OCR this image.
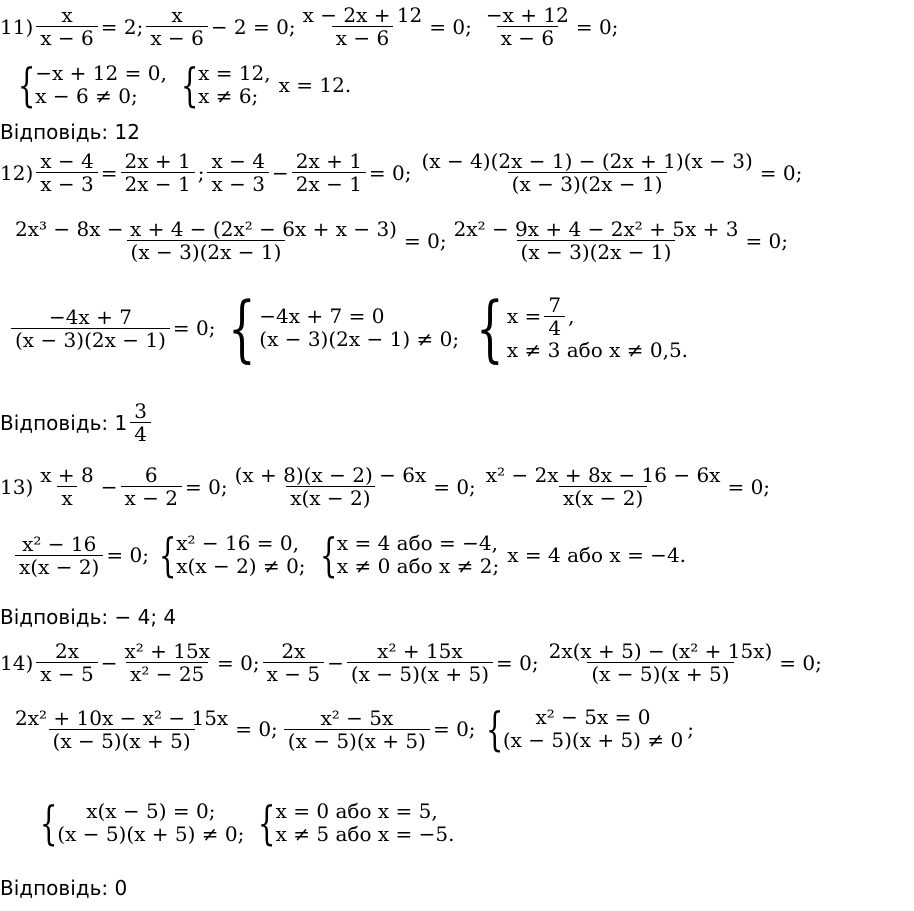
$11) \frac{x}{x - 6} = 2$; x
x − 6 − 2 = 0; $\frac{x - 2x + 12}{x - 6} = 0$; $\frac{-x + 12}{x - 6} = 0$;
{ −x + 12 = 0,
x − 6 ≠ 0; { x = 12,
x ≠ 6;	x = 12.
Відповідь: 12
$12) \frac{x - 4}{x - 3} = \frac{2x + 1}{2x - 1}$ ; x − 4
$x - 3 - \frac{2x + 1}{2x - 1} = 0$; $\frac{(x - 4)(2x - 1) - (2x + 1)(x - 3)}{(x - 3)(2x - 1)} = 0$;
$\frac{\text{2x³ − 8x − x + 4 − (2x² − 6x + x − 3)}}{(x - 3)(2x - 1)} = 0$; $\frac{\text{2x² − 9x + 4 − 2x² + 5x + 3}}{(x - 3)(2x - 1)} = 0$;
$\frac{-4x + 7}{(x - 3)(2x - 1)} = 0$; { −4x + 7 = 0
(x − 3)(2x − 1) ≠ 0; { $x = \frac{7}{4}$ ,
x ≠ 3 або x ≠ 0,5.
Відповідь: 1 3
4
13) x + 8
$x - \frac{6}{x - 2} = 0$; $\frac{(x + 8)(x - 2) - 6x}{x(x - 2)} = 0$; $\frac{\text{x² − 2x + 8x − 16 − 6x}}{x(x - 2)} = 0$;
$\frac{\text{x² − 16}}{x(x - 2)} = 0$; { x² − 16 = 0,
x(x − 2) ≠ 0; { x = 4 або = −4,
x ≠ 0 або x ≠ 2; x = 4 або x = −4.
Відповідь: − 4; 4
14) 2x
$x - 5 - \frac{\text{x² + 15x}}{\text{x² − 25}} = 0$; 2x
$x - 5 - \frac{\text{x² + 15x}}{(x - 5)(x + 5)} = 0$; $\frac{\text{2x(x + 5) − (x² + 15x)}}{(x - 5)(x + 5)} = 0$;
$\frac{\text{2x² + 10x − x² − 15x}}{(x - 5)(x + 5)} = 0$; $\frac{\text{x² − 5x}}{(x - 5)(x + 5)} = 0$; { x² − 5x = 0
(x − 5)(x + 5) ≠ 0 ;
{ x(x − 5) = 0;
(x − 5)(x + 5) ≠ 0; { x = 0 або x = 5,
x ≠ 5 або x = −5.
Відповідь: 0
